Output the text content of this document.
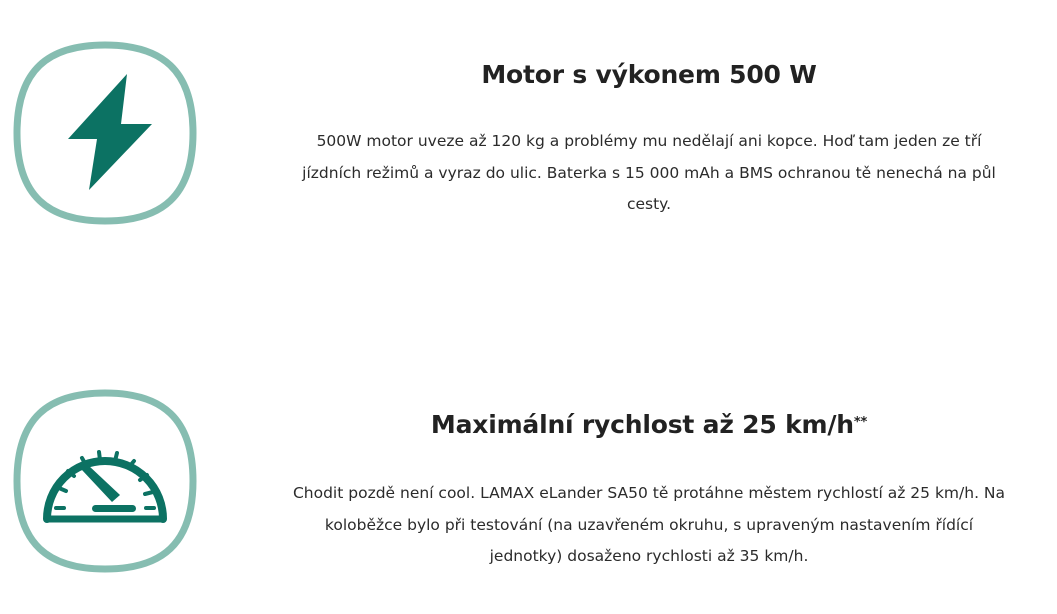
Motor s výkonem 500 W

500W motor uveze až 120 kg a problémy mu nedělají ani kopce. Hoď tam jeden ze tří jízdních režimů a vyraz do ulic. Baterka s 15 000 mAh a BMS ochranou tě nenechá na půl cesty.

Maximální rychlost až 25 km/h**

Chodit pozdě není cool. LAMAX eLander SA50 tě protáhne městem rychlostí až 25 km/h. Na koloběžce bylo při testování (na uzavřeném okruhu, s upraveným nastavením řídící jednotky) dosaženo rychlosti až 35 km/h.
